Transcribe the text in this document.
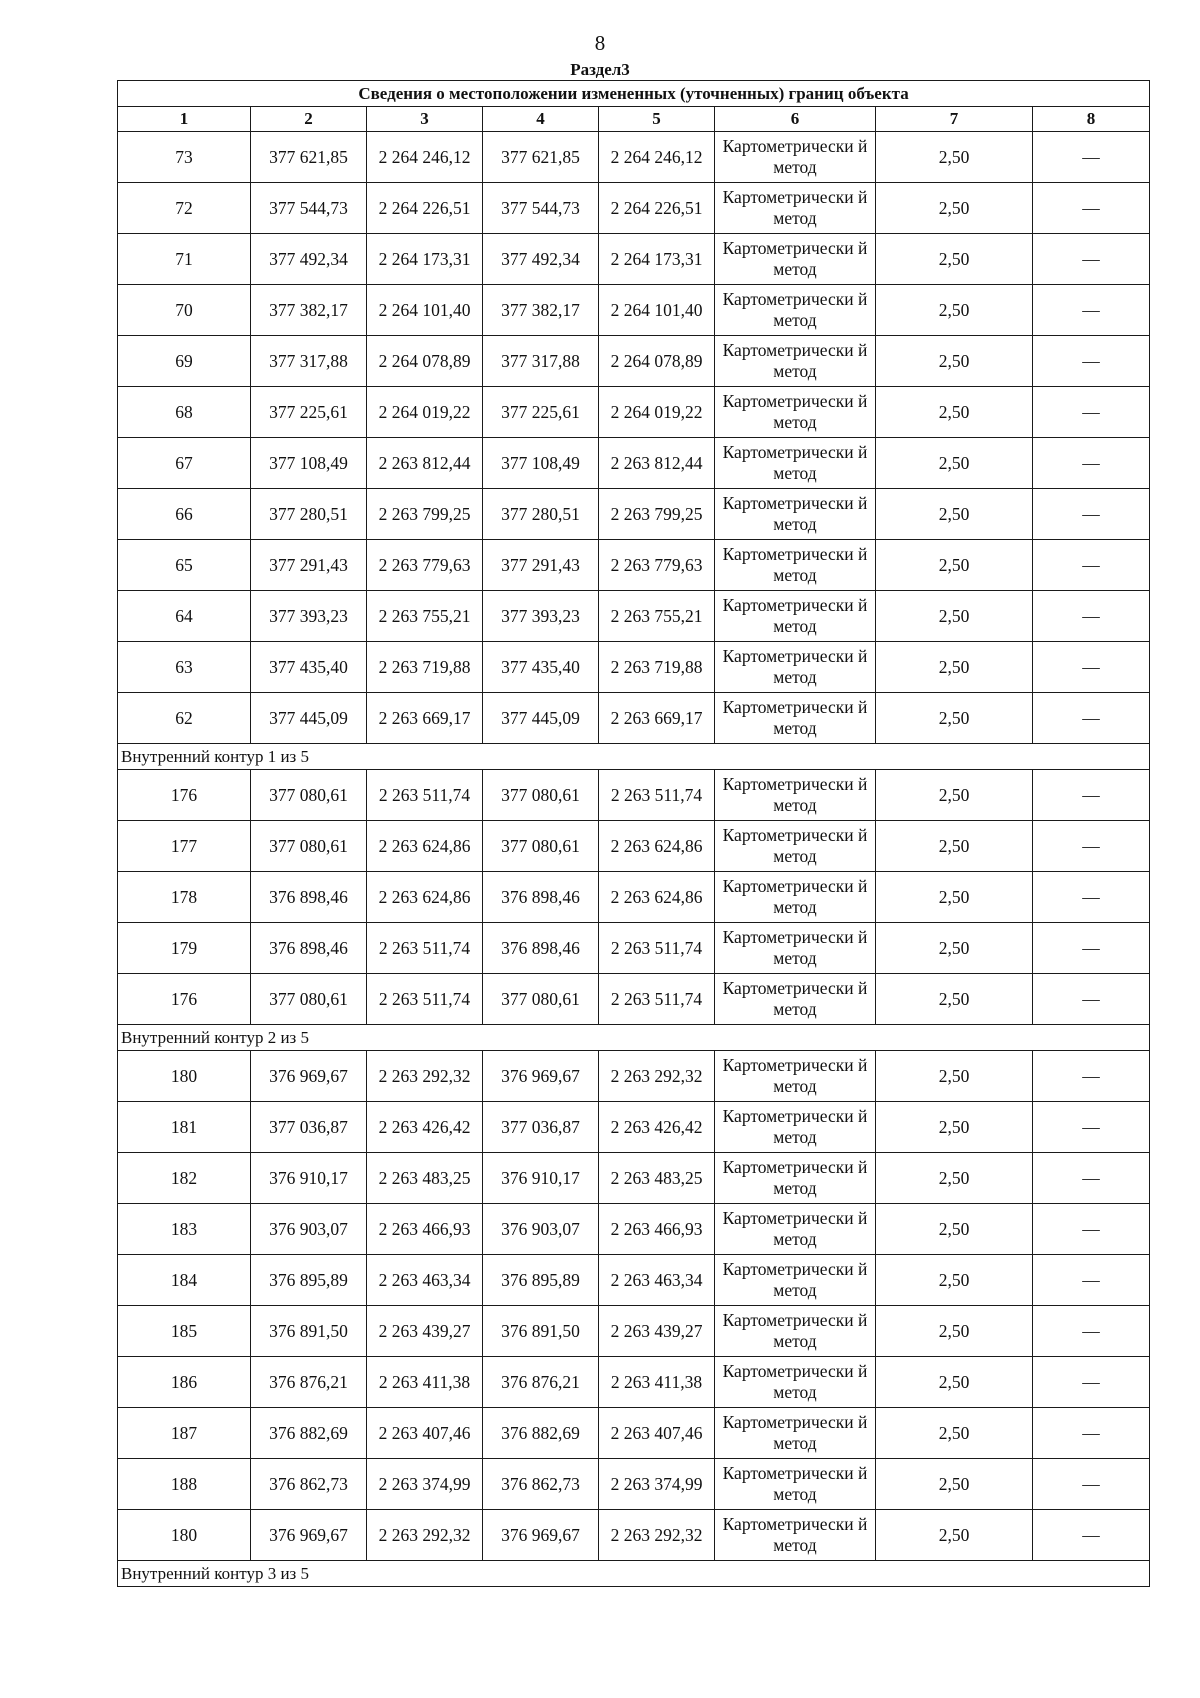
8
Раздел3
Сведения о местоположении измененных (уточненных) границ объекта							
1	2	3	4	5	6	7	8
73	377 621,85	2 264 246,12	377 621,85	2 264 246,12	Картометрически й метод	2,50	—
72	377 544,73	2 264 226,51	377 544,73	2 264 226,51	Картометрически й метод	2,50	—
71	377 492,34	2 264 173,31	377 492,34	2 264 173,31	Картометрически й метод	2,50	—
70	377 382,17	2 264 101,40	377 382,17	2 264 101,40	Картометрически й метод	2,50	—
69	377 317,88	2 264 078,89	377 317,88	2 264 078,89	Картометрически й метод	2,50	—
68	377 225,61	2 264 019,22	377 225,61	2 264 019,22	Картометрически й метод	2,50	—
67	377 108,49	2 263 812,44	377 108,49	2 263 812,44	Картометрически й метод	2,50	—
66	377 280,51	2 263 799,25	377 280,51	2 263 799,25	Картометрически й метод	2,50	—
65	377 291,43	2 263 779,63	377 291,43	2 263 779,63	Картометрически й метод	2,50	—
64	377 393,23	2 263 755,21	377 393,23	2 263 755,21	Картометрически й метод	2,50	—
63	377 435,40	2 263 719,88	377 435,40	2 263 719,88	Картометрически й метод	2,50	—
62	377 445,09	2 263 669,17	377 445,09	2 263 669,17	Картометрически й метод	2,50	—
Внутренний контур 1 из 5							
176	377 080,61	2 263 511,74	377 080,61	2 263 511,74	Картометрически й метод	2,50	—
177	377 080,61	2 263 624,86	377 080,61	2 263 624,86	Картометрически й метод	2,50	—
178	376 898,46	2 263 624,86	376 898,46	2 263 624,86	Картометрически й метод	2,50	—
179	376 898,46	2 263 511,74	376 898,46	2 263 511,74	Картометрически й метод	2,50	—
176	377 080,61	2 263 511,74	377 080,61	2 263 511,74	Картометрически й метод	2,50	—
Внутренний контур 2 из 5							
180	376 969,67	2 263 292,32	376 969,67	2 263 292,32	Картометрически й метод	2,50	—
181	377 036,87	2 263 426,42	377 036,87	2 263 426,42	Картометрически й метод	2,50	—
182	376 910,17	2 263 483,25	376 910,17	2 263 483,25	Картометрически й метод	2,50	—
183	376 903,07	2 263 466,93	376 903,07	2 263 466,93	Картометрически й метод	2,50	—
184	376 895,89	2 263 463,34	376 895,89	2 263 463,34	Картометрически й метод	2,50	—
185	376 891,50	2 263 439,27	376 891,50	2 263 439,27	Картометрически й метод	2,50	—
186	376 876,21	2 263 411,38	376 876,21	2 263 411,38	Картометрически й метод	2,50	—
187	376 882,69	2 263 407,46	376 882,69	2 263 407,46	Картометрически й метод	2,50	—
188	376 862,73	2 263 374,99	376 862,73	2 263 374,99	Картометрически й метод	2,50	—
180	376 969,67	2 263 292,32	376 969,67	2 263 292,32	Картометрически й метод	2,50	—
Внутренний контур 3 из 5							
